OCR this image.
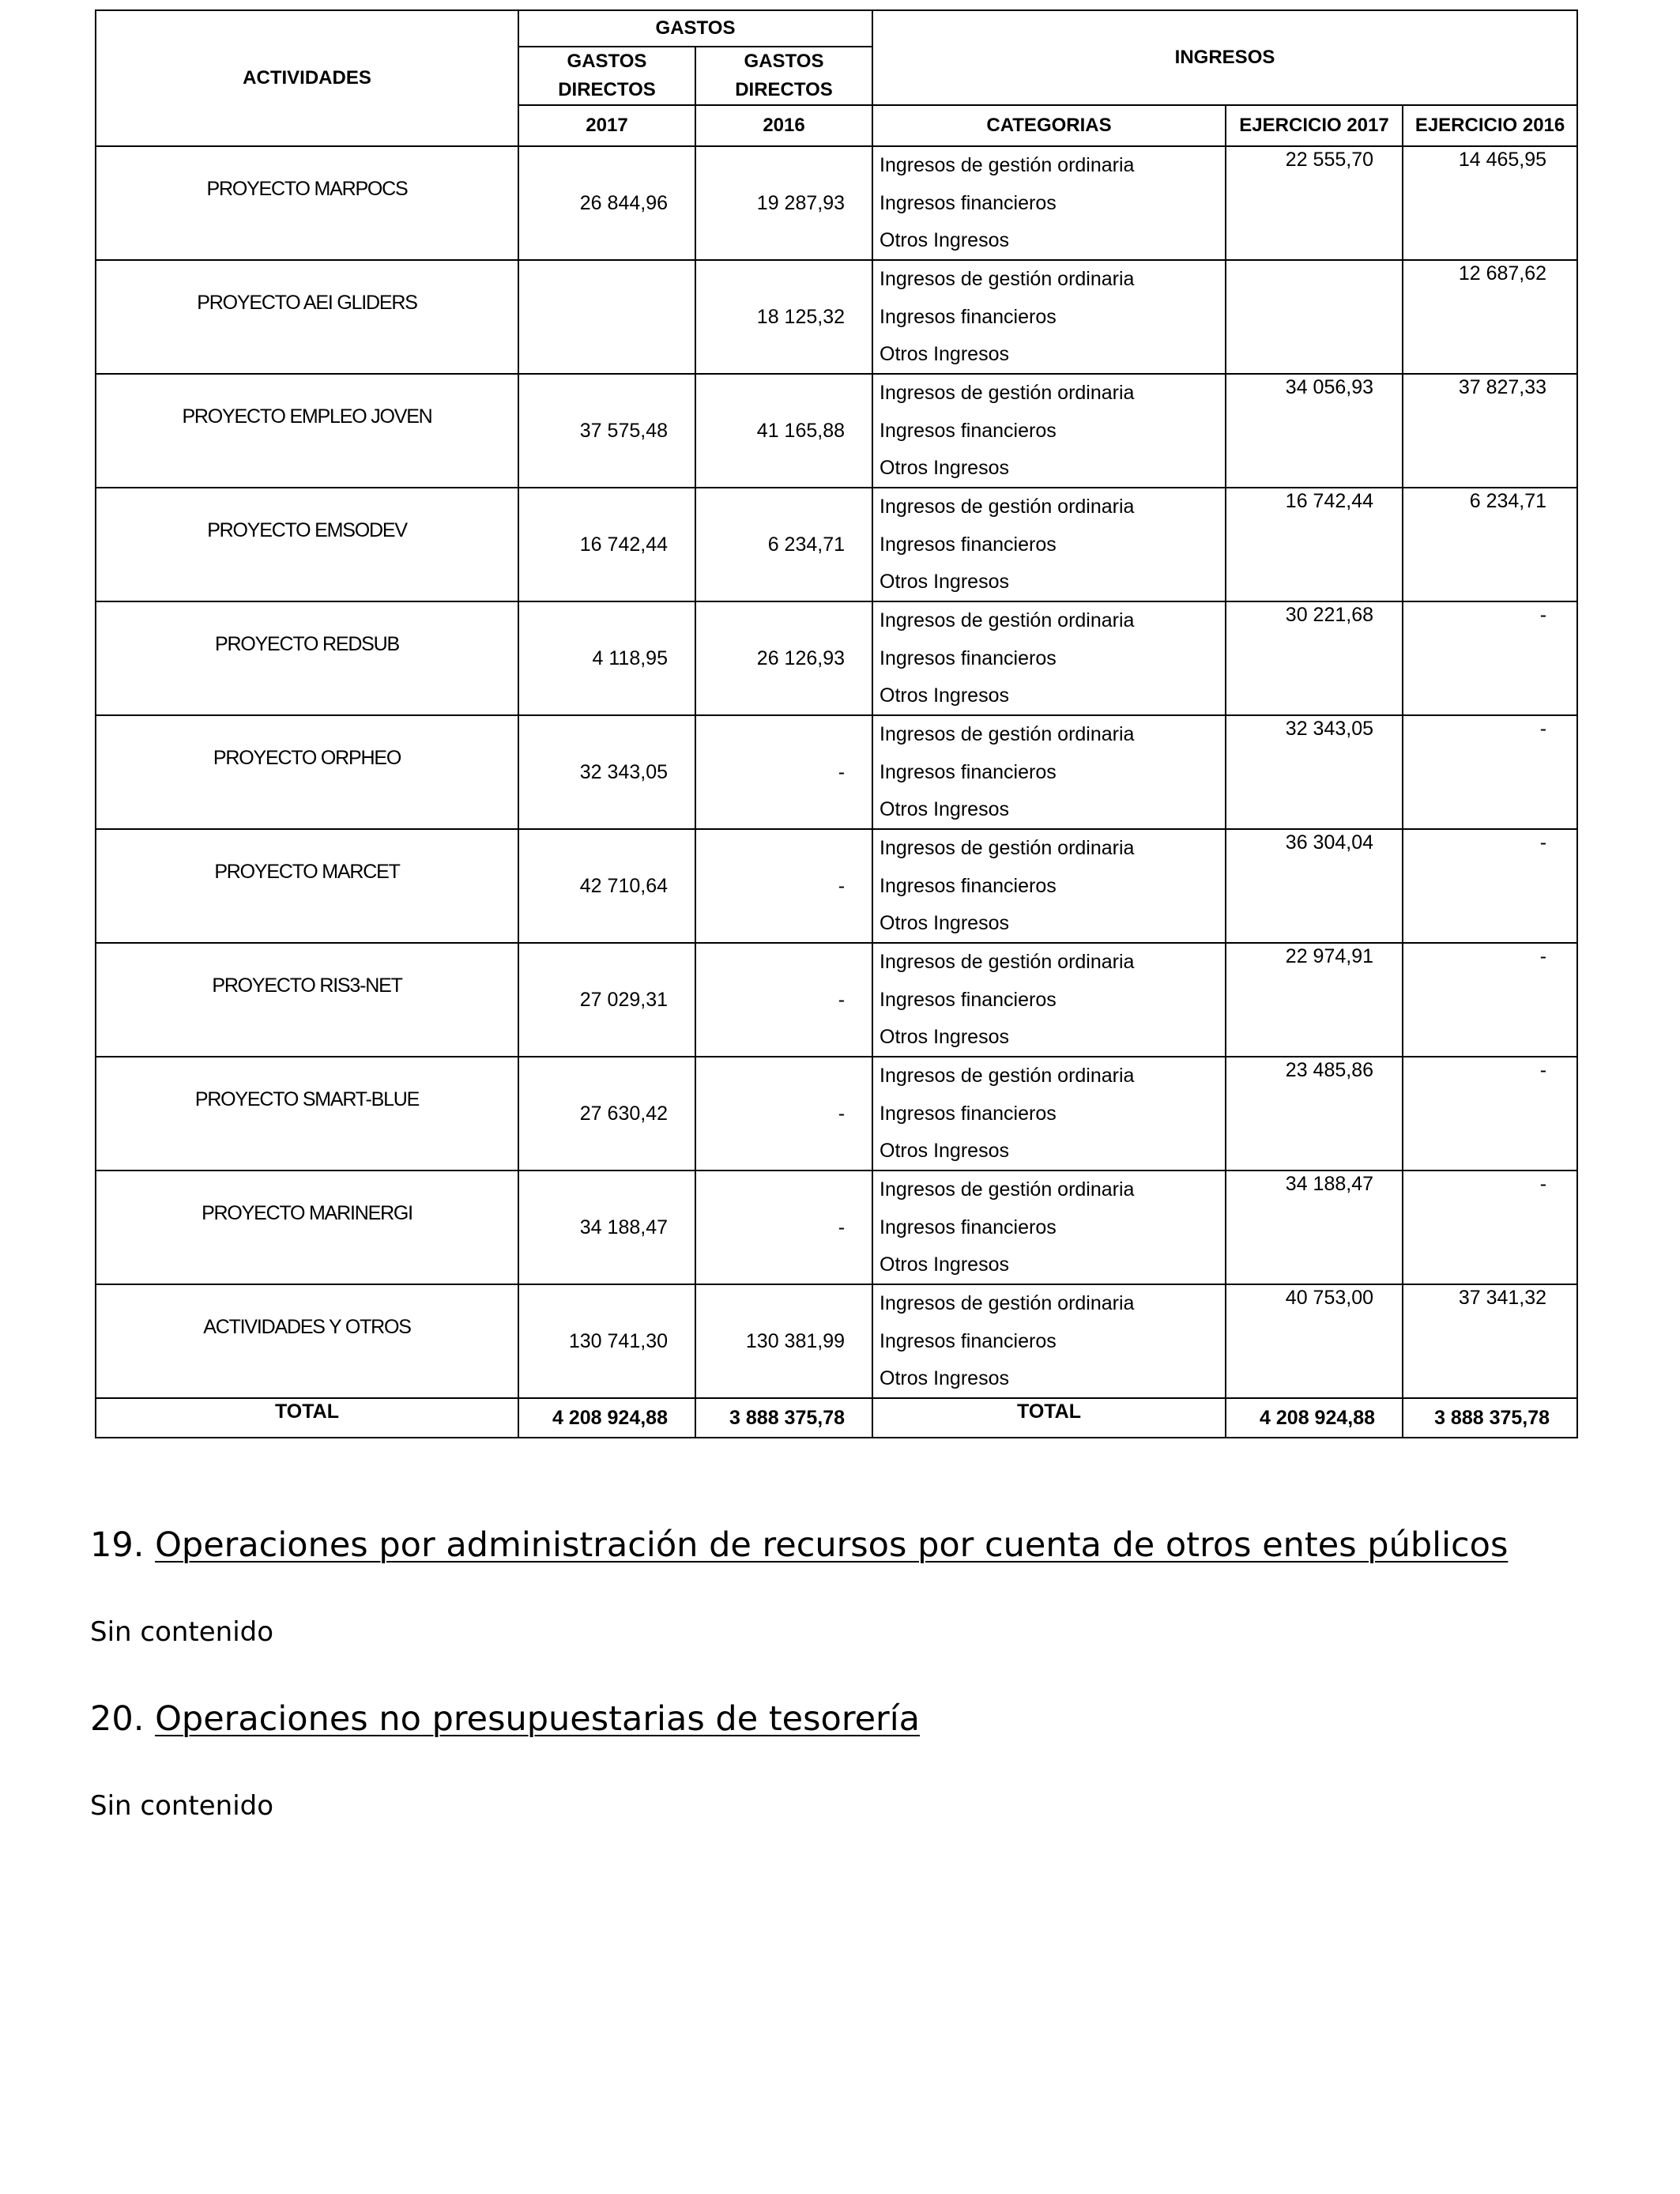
ACTIVIDADES	GASTOS		INGRESOS		
	GASTOS DIRECTOS	GASTOS DIRECTOS			
	2017	2016	CATEGORIAS	EJERCICIO 2017	EJERCICIO 2016
PROYECTO MARPOCS	26 844,96	19 287,93	Ingresos de gestión ordinaria	22 555,70	14 465,95
			Ingresos financieros		
			Otros Ingresos		
PROYECTO AEI GLIDERS		18 125,32	Ingresos de gestión ordinaria		12 687,62
			Ingresos financieros		
			Otros Ingresos		
PROYECTO EMPLEO JOVEN	37 575,48	41 165,88	Ingresos de gestión ordinaria	34 056,93	37 827,33
			Ingresos financieros		
			Otros Ingresos		
PROYECTO EMSODEV	16 742,44	6 234,71	Ingresos de gestión ordinaria	16 742,44	6 234,71
			Ingresos financieros		
			Otros Ingresos		
PROYECTO REDSUB	4 118,95	26 126,93	Ingresos de gestión ordinaria	30 221,68	-
			Ingresos financieros		
			Otros Ingresos		
PROYECTO ORPHEO	32 343,05	-	Ingresos de gestión ordinaria	32 343,05	-
			Ingresos financieros		
			Otros Ingresos		
PROYECTO MARCET	42 710,64	-	Ingresos de gestión ordinaria	36 304,04	-
			Ingresos financieros		
			Otros Ingresos		
PROYECTO RIS3-NET	27 029,31	-	Ingresos de gestión ordinaria	22 974,91	-
			Ingresos financieros		
			Otros Ingresos		
PROYECTO SMART-BLUE	27 630,42	-	Ingresos de gestión ordinaria	23 485,86	-
			Ingresos financieros		
			Otros Ingresos		
PROYECTO MARINERGI	34 188,47	-	Ingresos de gestión ordinaria	34 188,47	-
			Ingresos financieros		
			Otros Ingresos		
ACTIVIDADES Y OTROS	130 741,30	130 381,99	Ingresos de gestión ordinaria	40 753,00	37 341,32
			Ingresos financieros		
			Otros Ingresos		
TOTAL	4 208 924,88	3 888 375,78	TOTAL	4 208 924,88	3 888 375,78
19. Operaciones por administración de recursos por cuenta de otros entes públicos
Sin contenido
20. Operaciones no presupuestarias de tesorería
Sin contenido
